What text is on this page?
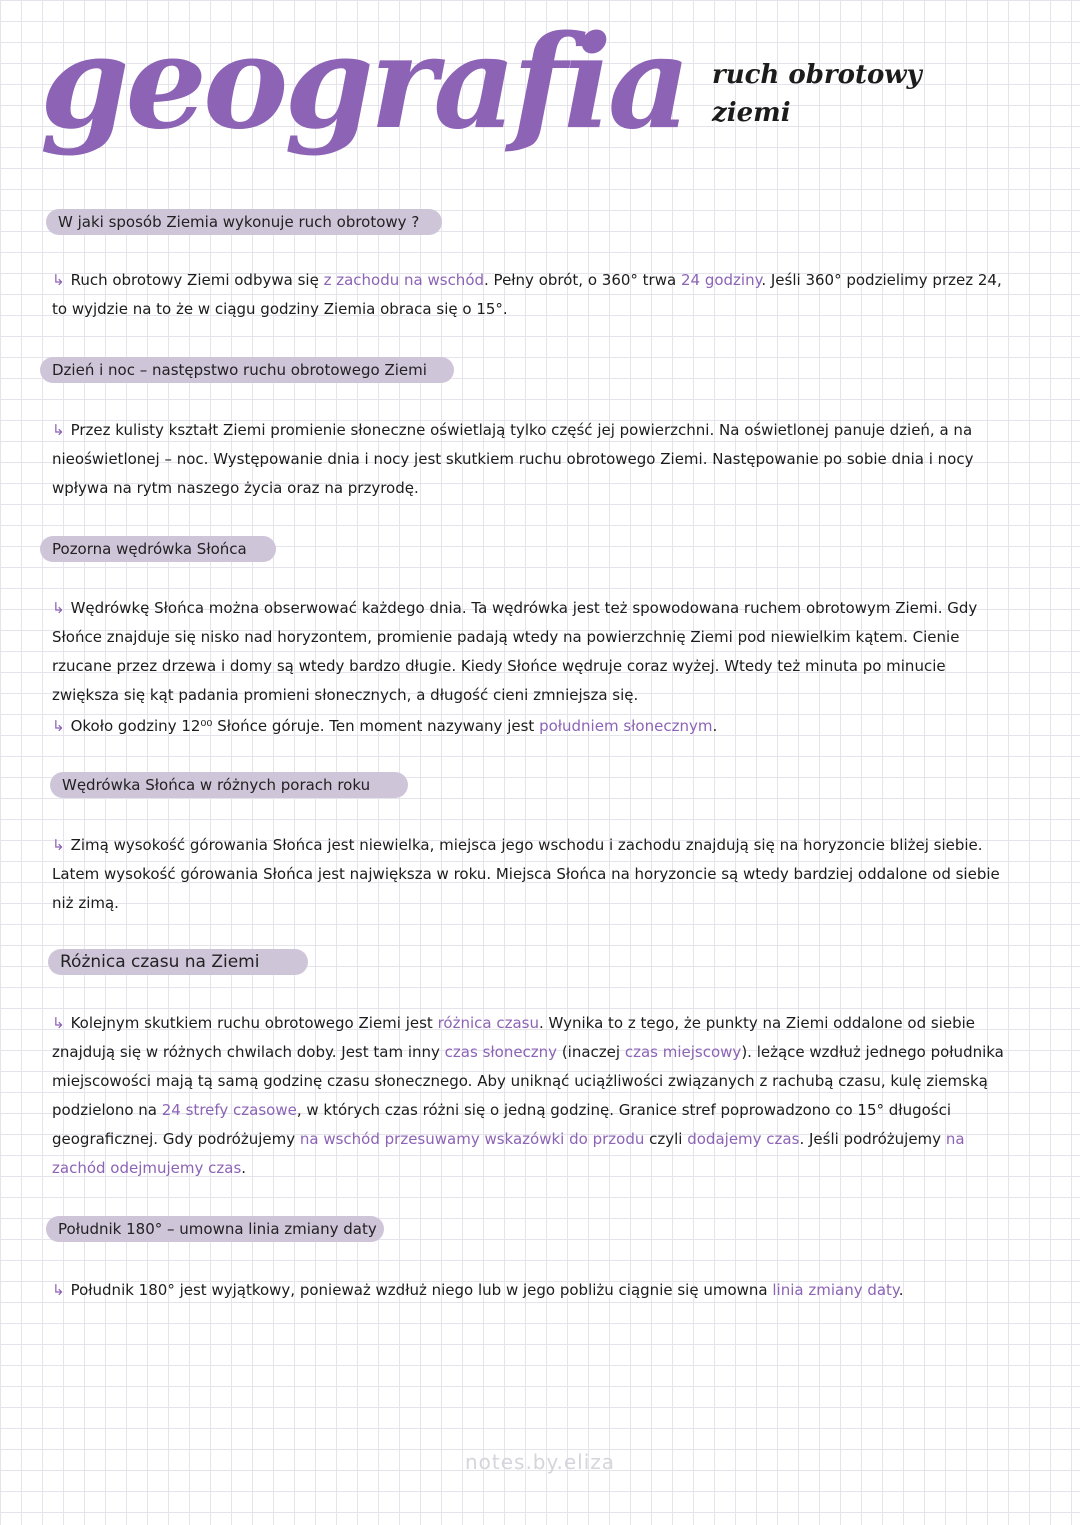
geografia ruch obrotowy
ziemi
W jaki sposób Ziemia wykonuje ruch obrotowy ?
↳ Ruch obrotowy Ziemi odbywa się z zachodu na wschód. Pełny obrót, o 360° trwa 24 godziny. Jeśli 360° podzielimy przez 24, to wyjdzie na to że w ciągu godziny Ziemia obraca się o 15°.
Dzień i noc – następstwo ruchu obrotowego Ziemi
↳ Przez kulisty kształt Ziemi promienie słoneczne oświetlają tylko część jej powierzchni. Na oświetlonej panuje dzień, a na nieoświetlonej – noc. Występowanie dnia i nocy jest skutkiem ruchu obrotowego Ziemi. Następowanie po sobie dnia i nocy wpływa na rytm naszego życia oraz na przyrodę.
Pozorna wędrówka Słońca
↳ Wędrówkę Słońca można obserwować każdego dnia. Ta wędrówka jest też spowodowana ruchem obrotowym Ziemi. Gdy Słońce znajduje się nisko nad horyzontem, promienie padają wtedy na powierzchnię Ziemi pod niewielkim kątem. Cienie rzucane przez drzewa i domy są wtedy bardzo długie. Kiedy Słońce wędruje coraz wyżej. Wtedy też minuta po minucie zwiększa się kąt padania promieni słonecznych, a długość cieni zmniejsza się.
↳ Około godziny 12⁰⁰ Słońce góruje. Ten moment nazywany jest południem słonecznym.
Wędrówka Słońca w różnych porach roku
↳ Zimą wysokość górowania Słońca jest niewielka, miejsca jego wschodu i zachodu znajdują się na horyzoncie bliżej siebie. Latem wysokość górowania Słońca jest największa w roku. Miejsca Słońca na horyzoncie są wtedy bardziej oddalone od siebie niż zimą.
Różnica czasu na Ziemi
↳ Kolejnym skutkiem ruchu obrotowego Ziemi jest różnica czasu. Wynika to z tego, że punkty na Ziemi oddalone od siebie znajdują się w różnych chwilach doby. Jest tam inny czas słoneczny (inaczej czas miejscowy). leżące wzdłuż jednego południka miejscowości mają tą samą godzinę czasu słonecznego. Aby uniknąć uciążliwości związanych z rachubą czasu, kulę ziemską podzielono na 24 strefy czasowe, w których czas różni się o jedną godzinę. Granice stref poprowadzono co 15° długości geograficznej. Gdy podróżujemy na wschód przesuwamy wskazówki do przodu czyli dodajemy czas. Jeśli podróżujemy na zachód odejmujemy czas.
Południk 180° – umowna linia zmiany daty
↳ Południk 180° jest wyjątkowy, ponieważ wzdłuż niego lub w jego pobliżu ciągnie się umowna linia zmiany daty.
notes.by.eliza
